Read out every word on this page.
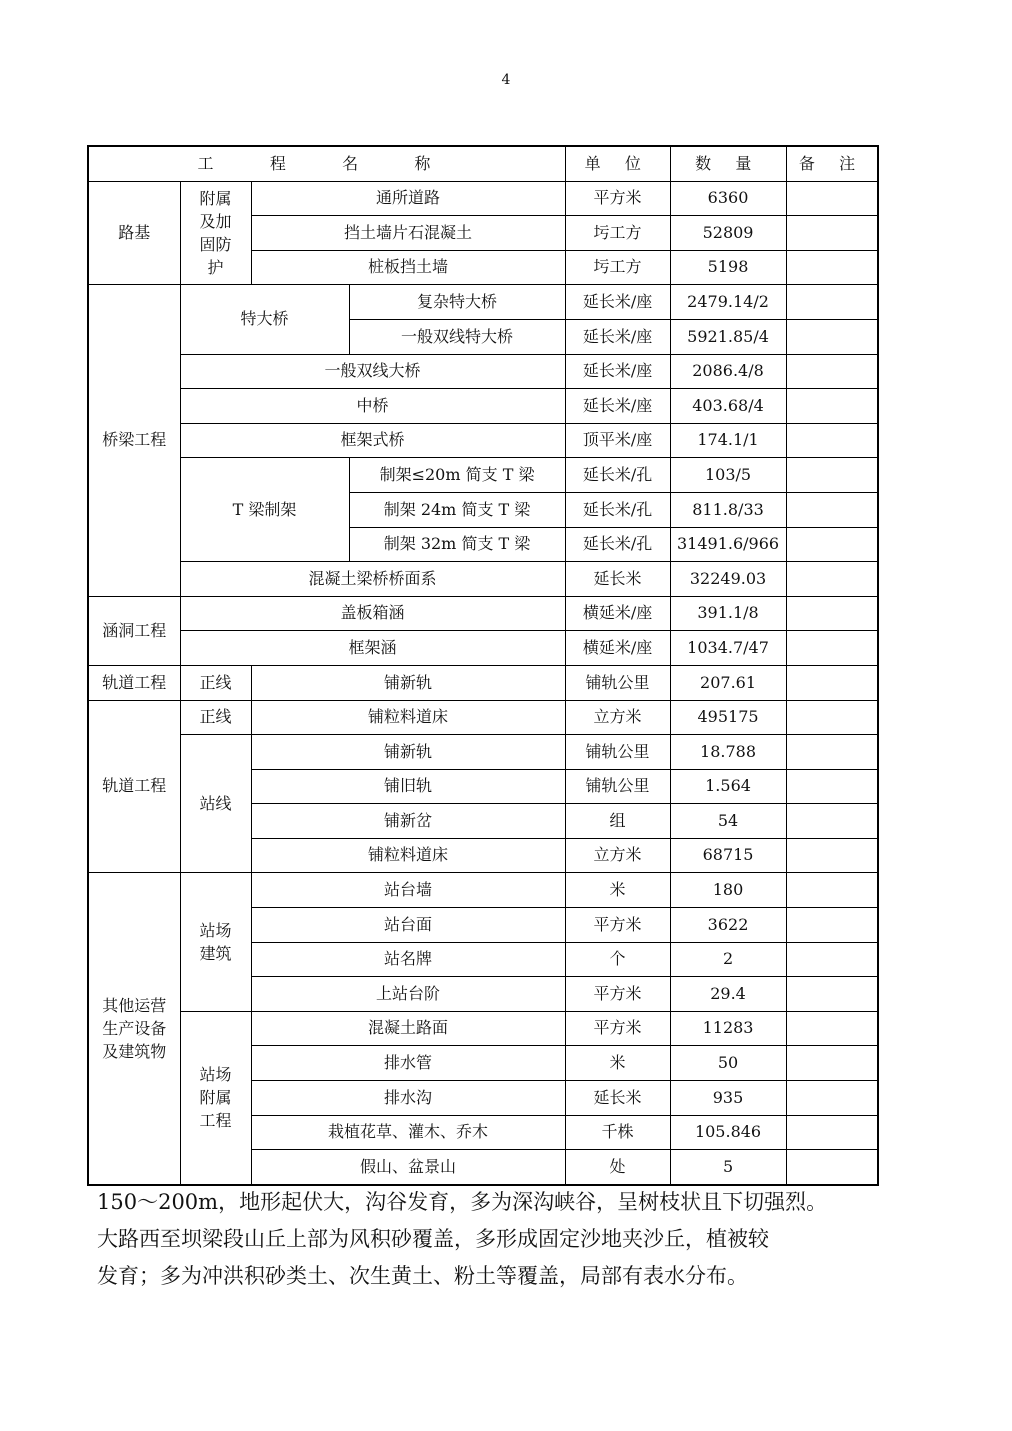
4
工 程 名 称				单 位	数 量	备 注
路基	附属及加固防护	通所道路		平方米	6360	
		挡土墙片石混凝土		圬工方	52809	
		桩板挡土墙		圬工方	5198	
桥梁工程	特大桥		复杂特大桥	延长米/座	2479.14/2	
			一般双线特大桥	延长米/座	5921.85/4	
	一般双线大桥			延长米/座	2086.4/8	
	中桥			延长米/座	403.68/4	
	框架式桥			顶平米/座	174.1/1	
	T 梁制架		制架≤20m 简支 T 梁	延长米/孔	103/5	
			制架 24m 简支 T 梁	延长米/孔	811.8/33	
			制架 32m 简支 T 梁	延长米/孔	31491.6/966	
	混凝土梁桥桥面系			延长米	32249.03	
涵洞工程	盖板箱涵			横延米/座	391.1/8	
	框架涵			横延米/座	1034.7/47	
轨道工程	正线	铺新轨		铺轨公里	207.61	
轨道工程	正线	铺粒料道床		立方米	495175	
	站线	铺新轨		铺轨公里	18.788	
		铺旧轨		铺轨公里	1.564	
		铺新岔		组	54	
		铺粒料道床		立方米	68715	
其他运营生产设备及建筑物	站场建筑	站台墙		米	180	
		站台面		平方米	3622	
		站名牌		个	2	
		上站台阶		平方米	29.4	
	站场附属工程	混凝土路面		平方米	11283	
		排水管		米	50	
		排水沟		延长米	935	
		栽植花草、灌木、乔木		千株	105.846	
		假山、盆景山		处	5	

150～200m，地形起伏大，沟谷发育，多为深沟峡谷，呈树枝状且下切强烈。
大路西至坝梁段山丘上部为风积砂覆盖，多形成固定沙地夹沙丘，植被较
发育；多为冲洪积砂类土、次生黄土、粉土等覆盖，局部有表水分布。
